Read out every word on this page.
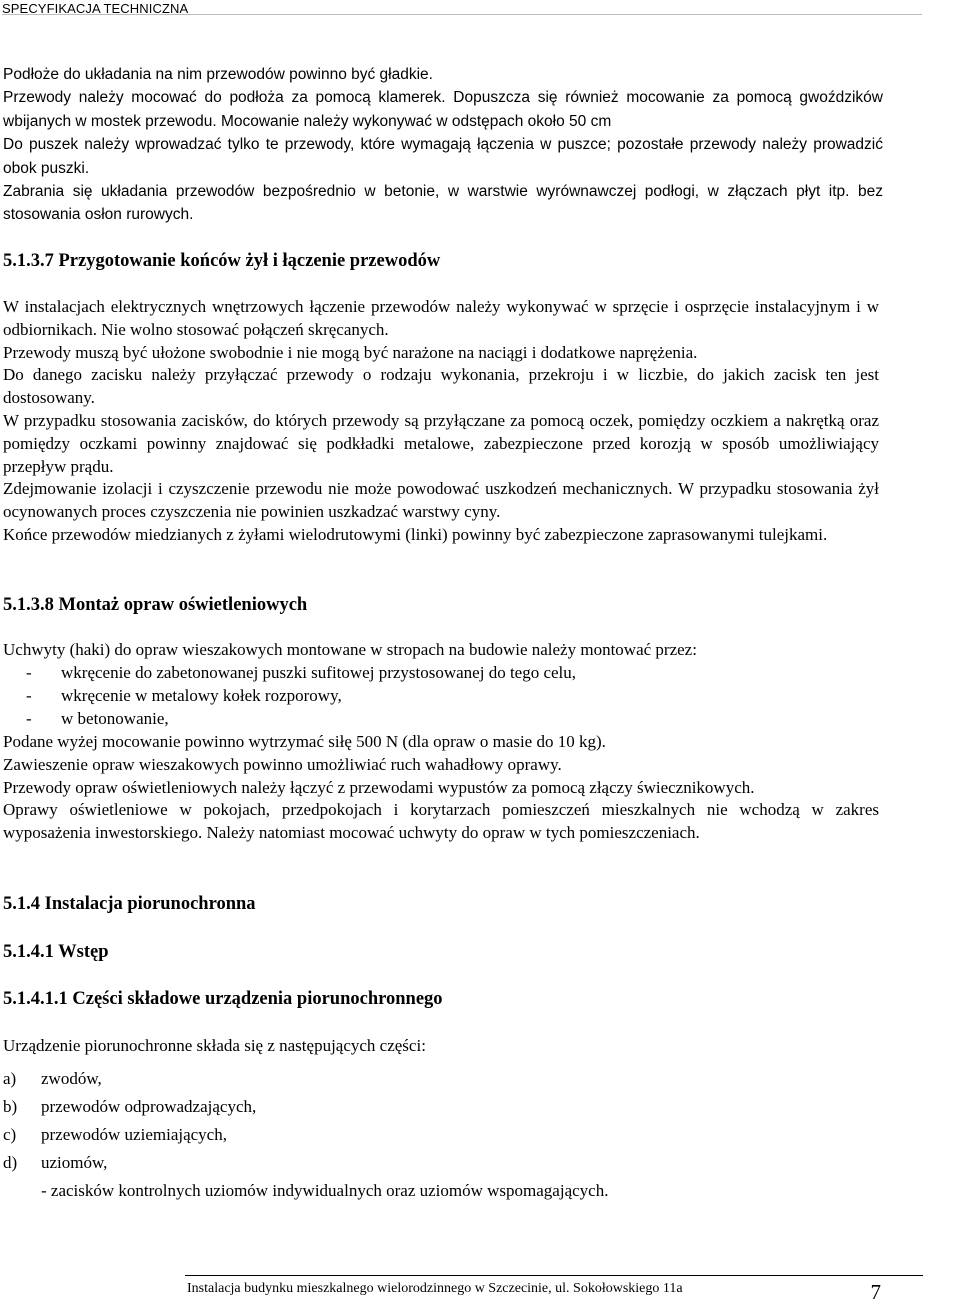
SPECYFIKACJA TECHNICZNA

Podłoże do układania na nim przewodów powinno być gładkie.

Przewody należy mocować do podłoża za pomocą klamerek. Dopuszcza się również mocowanie za pomocą gwoździków wbijanych w mostek przewodu. Mocowanie należy wykonywać w odstępach około 50 cm

Do puszek należy wprowadzać tylko te przewody, które wymagają łączenia w puszce; pozostałe przewody należy prowadzić obok puszki.

Zabrania się układania przewodów bezpośrednio w betonie, w warstwie wyrównawczej podłogi, w złączach płyt itp. bez stosowania osłon rurowych.

5.1.3.7 Przygotowanie końców żył i łączenie przewodów

W instalacjach elektrycznych wnętrzowych łączenie przewodów należy wykonywać w sprzęcie i osprzęcie instalacyjnym i w odbiornikach. Nie wolno stosować połączeń skręcanych.

Przewody muszą być ułożone swobodnie i nie mogą być narażone na naciągi i dodatkowe naprężenia.

Do danego zacisku należy przyłączać przewody o rodzaju wykonania, przekroju i w liczbie, do jakich zacisk ten jest dostosowany.

W przypadku stosowania zacisków, do których przewody są przyłączane za pomocą oczek, pomiędzy oczkiem a nakrętką oraz pomiędzy oczkami powinny znajdować się podkładki metalowe, zabezpieczone przed korozją w sposób umożliwiający przepływ prądu.

Zdejmowanie izolacji i czyszczenie przewodu nie może powodować uszkodzeń mechanicznych. W przypadku stosowania żył ocynowanych proces czyszczenia nie powinien uszkadzać warstwy cyny.

Końce przewodów miedzianych z żyłami wielodrutowymi (linki) powinny być zabezpieczone zaprasowanymi tulejkami.

5.1.3.8 Montaż opraw oświetleniowych
Uchwyty (haki) do opraw wieszakowych montowane w stropach na budowie należy montować przez:
- wkręcenie do zabetonowanej puszki sufitowej przystosowanej do tego celu,
- wkręcenie w metalowy kołek rozporowy,
- w betonowanie,

Podane wyżej mocowanie powinno wytrzymać siłę 500 N (dla opraw o masie do 10 kg).

Zawieszenie opraw wieszakowych powinno umożliwiać ruch wahadłowy oprawy.

Przewody opraw oświetleniowych należy łączyć z przewodami wypustów za pomocą złączy świecznikowych.

Oprawy oświetleniowe w pokojach, przedpokojach i korytarzach pomieszczeń mieszkalnych nie wchodzą w zakres wyposażenia inwestorskiego. Należy natomiast mocować uchwyty do opraw w tych pomieszczeniach.

5.1.4 Instalacja piorunochronna
5.1.4.1 Wstęp
5.1.4.1.1 Części składowe urządzenia piorunochronnego
Urządzenie piorunochronne składa się z następujących części:
a) zwodów,
b) przewodów odprowadzających,
c) przewodów uziemiających,
d) uziomów,
- zacisków kontrolnych uziomów indywidualnych oraz uziomów wspomagających.
Instalacja budynku mieszkalnego wielorodzinnego w Szczecinie, ul. Sokołowskiego 11a	7
